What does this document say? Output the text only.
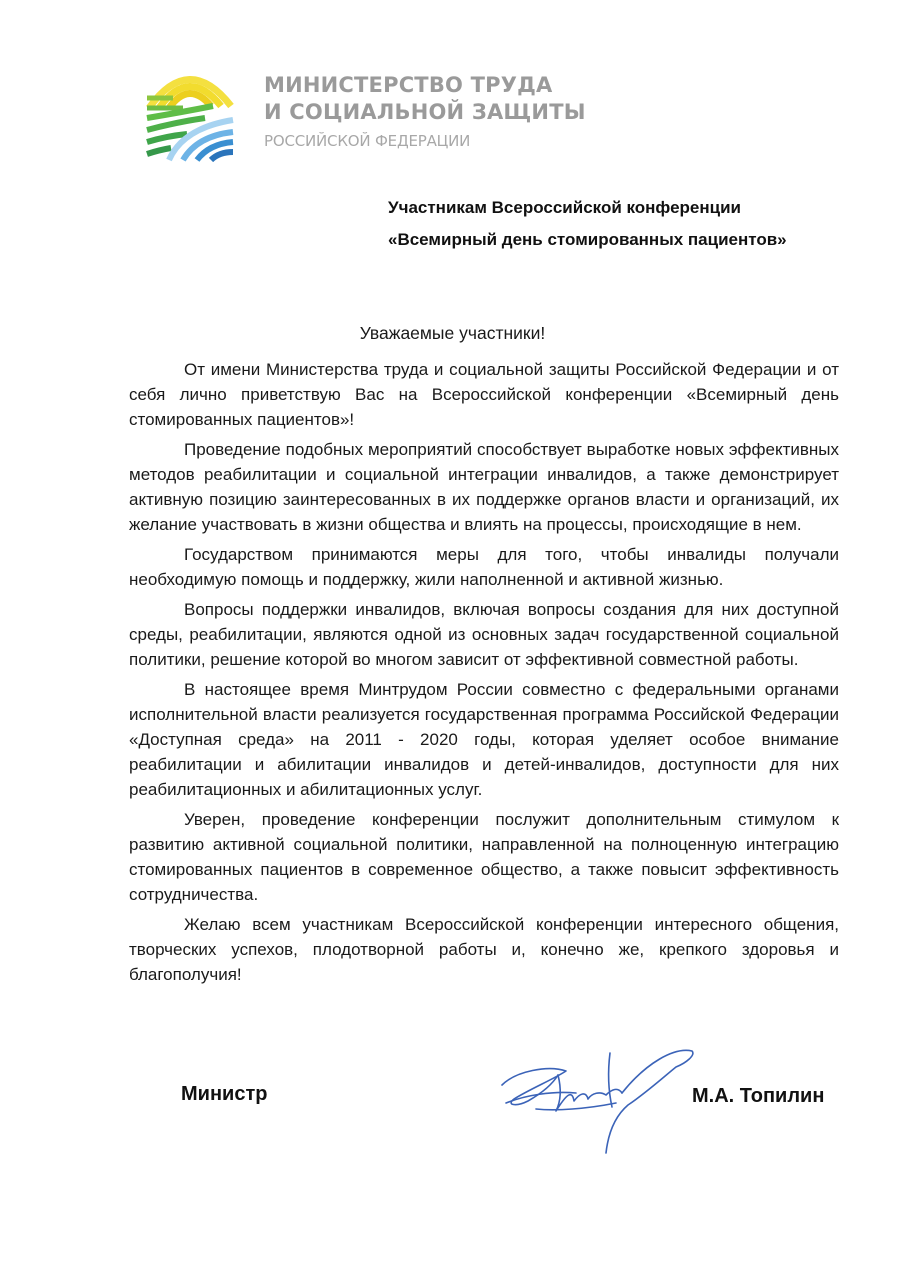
МИНИСТЕРСТВО ТРУДА
И СОЦИАЛЬНОЙ ЗАЩИТЫ
РОССИЙСКОЙ ФЕДЕРАЦИИ
Участникам Всероссийской конференции
«Всемирный день стомированных пациентов»
Уважаемые участники!

От имени Министерства труда и социальной защиты Российской Федерации и от себя лично приветствую Вас на Всероссийской конференции «Всемирный день стомированных пациентов»!

Проведение подобных мероприятий способствует выработке новых эффективных методов реабилитации и социальной интеграции инвалидов, а также демонстрирует активную позицию заинтересованных в их поддержке органов власти и организаций, их желание участвовать в жизни общества и влиять на процессы, происходящие в нем.

Государством принимаются меры для того, чтобы инвалиды получали необходимую помощь и поддержку, жили наполненной и активной жизнью.

Вопросы поддержки инвалидов, включая вопросы создания для них доступной среды, реабилитации, являются одной из основных задач государственной социальной политики, решение которой во многом зависит от эффективной совместной работы.

В настоящее время Минтрудом России совместно с федеральными органами исполнительной власти реализуется государственная программа Российской Федерации «Доступная среда» на 2011 - 2020 годы, которая уделяет особое внимание реабилитации и абилитации инвалидов и детей-инвалидов, доступности для них реабилитационных и абилитационных услуг.

Уверен, проведение конференции послужит дополнительным стимулом к развитию активной социальной политики, направленной на полноценную интеграцию стомированных пациентов в современное общество, а также повысит эффективность сотрудничества.

Желаю всем участникам Всероссийской конференции интересного общения, творческих успехов, плодотворной работы и, конечно же, крепкого здоровья и благополучия!

Министр	М.А. Топилин
